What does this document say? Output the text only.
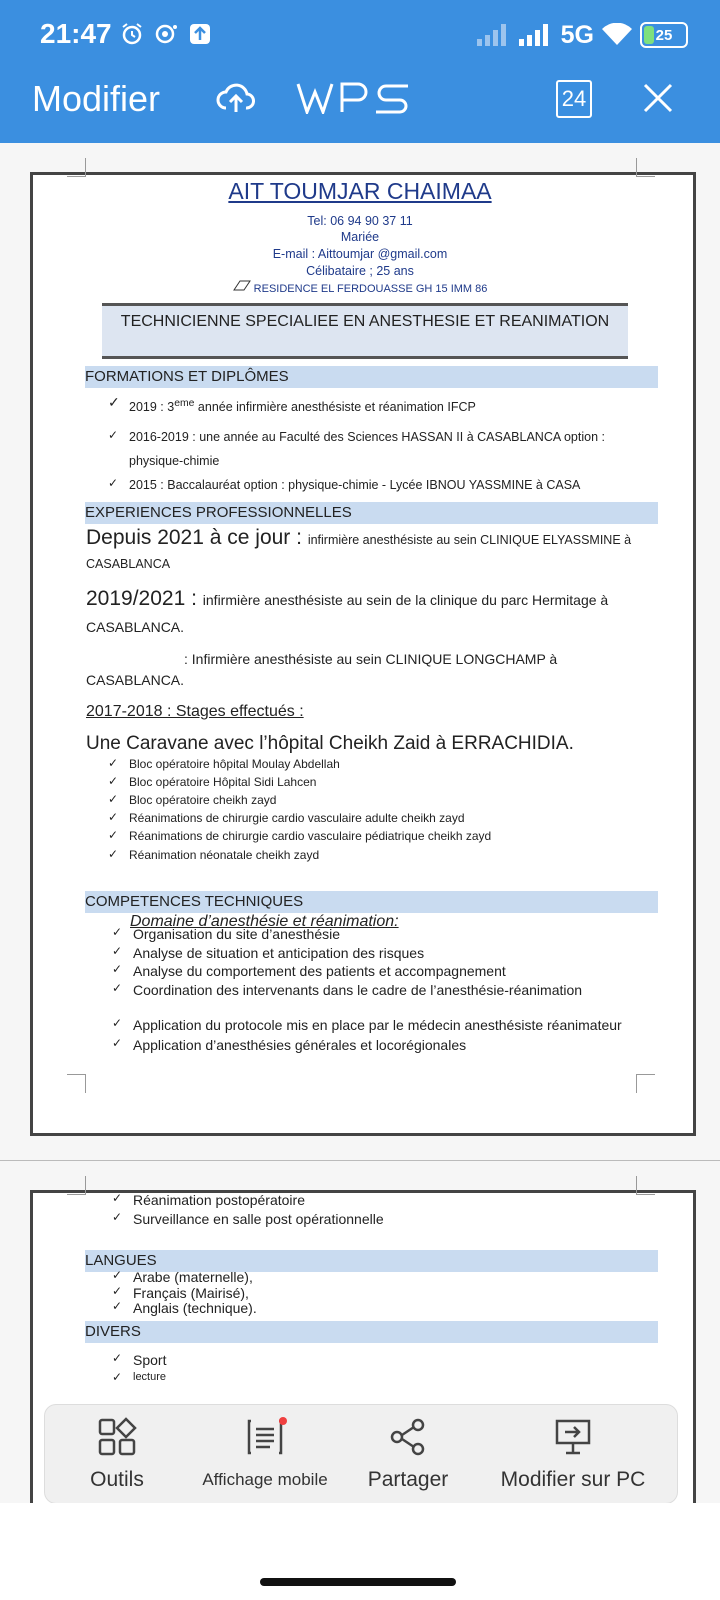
21:47	5G	25
Modifier	24
AIT TOUMJAR CHAIMAA
Tel: 06 94 90 37 11
Mariée
E-mail : Aittoumjar @gmail.com
Célibataire ; 25 ans
RESIDENCE EL FERDOUASSE GH 15 IMM 86
TECHNICIENNE SPECIALIEE EN ANESTHESIE ET REANIMATION
FORMATIONS ET DIPLÔMES
✓ 2019 : 3eme année infirmière anesthésiste et réanimation IFCP
✓ 2016-2019 : une année au Faculté des Sciences HASSAN II à CASABLANCA option :
physique-chimie
✓ 2015 : Baccalauréat option : physique-chimie - Lycée IBNOU YASSMINE à CASA
EXPERIENCES PROFESSIONNELLES
Depuis 2021 à ce jour : infirmière anesthésiste au sein CLINIQUE ELYASSMINE à
CASABLANCA
2019/2021 : infirmière anesthésiste au sein de la clinique du parc Hermitage à
CASABLANCA.
: Infirmière anesthésiste au sein CLINIQUE LONGCHAMP à
CASABLANCA.
2017-2018 : Stages effectués :
Une Caravane avec l’hôpital Cheikh Zaid à ERRACHIDIA.
✓ Bloc opératoire hôpital Moulay Abdellah
✓ Bloc opératoire Hôpital Sidi Lahcen
✓ Bloc opératoire cheikh zayd
✓ Réanimations de chirurgie cardio vasculaire adulte cheikh zayd
✓ Réanimations de chirurgie cardio vasculaire pédiatrique cheikh zayd
✓ Réanimation néonatale cheikh zayd
COMPETENCES TECHNIQUES
Domaine d’anesthésie et réanimation:
✓ Organisation du site d’anesthésie
✓ Analyse de situation et anticipation des risques
✓ Analyse du comportement des patients et accompagnement
✓ Coordination des intervenants dans le cadre de l’anesthésie-réanimation
✓ Application du protocole mis en place par le médecin anesthésiste réanimateur
✓ Application d’anesthésies générales et locorégionales
✓ Réanimation postopératoire
✓ Surveillance en salle post opérationnelle
LANGUES
✓ Arabe (maternelle),
✓ Français (Mairisé),
✓ Anglais (technique).
DIVERS
✓ Sport
✓ lecture
Outils	Affichage mobile	Partager Modifier sur PC
